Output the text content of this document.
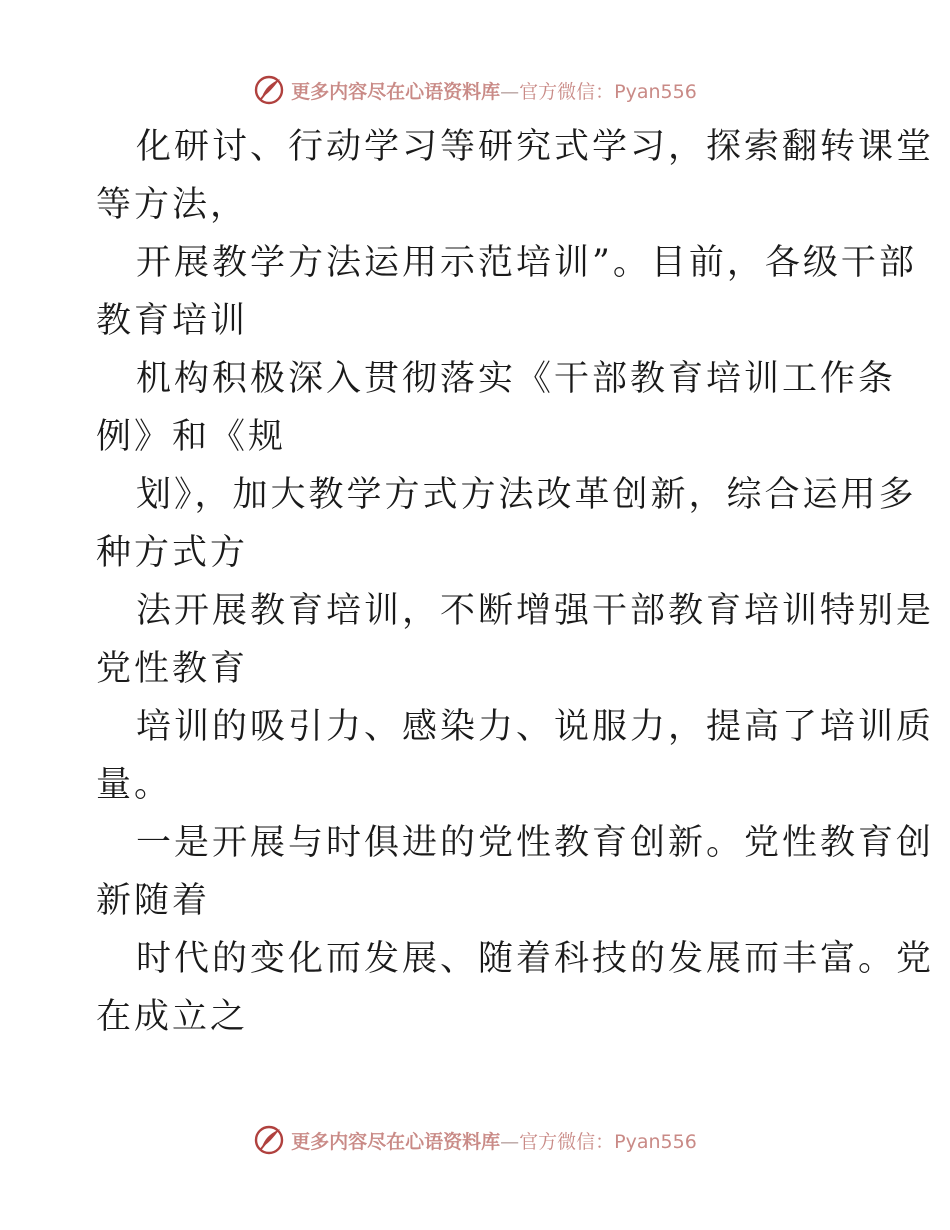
更多内容尽在心语资料库—官方微信：Pyan556
化研讨、行动学习等研究式学习，探索翻转课堂
等方法，
开展教学方法运用示范培训”。目前，各级干部
教育培训
机构积极深入贯彻落实《干部教育培训工作条
例》和《规
划》，加大教学方式方法改革创新，综合运用多
种方式方
法开展教育培训，不断增强干部教育培训特别是
党性教育
培训的吸引力、感染力、说服力，提高了培训质
量。
一是开展与时俱进的党性教育创新。党性教育创
新随着
时代的变化而发展、随着科技的发展而丰富。党
在成立之
更多内容尽在心语资料库—官方微信：Pyan556
